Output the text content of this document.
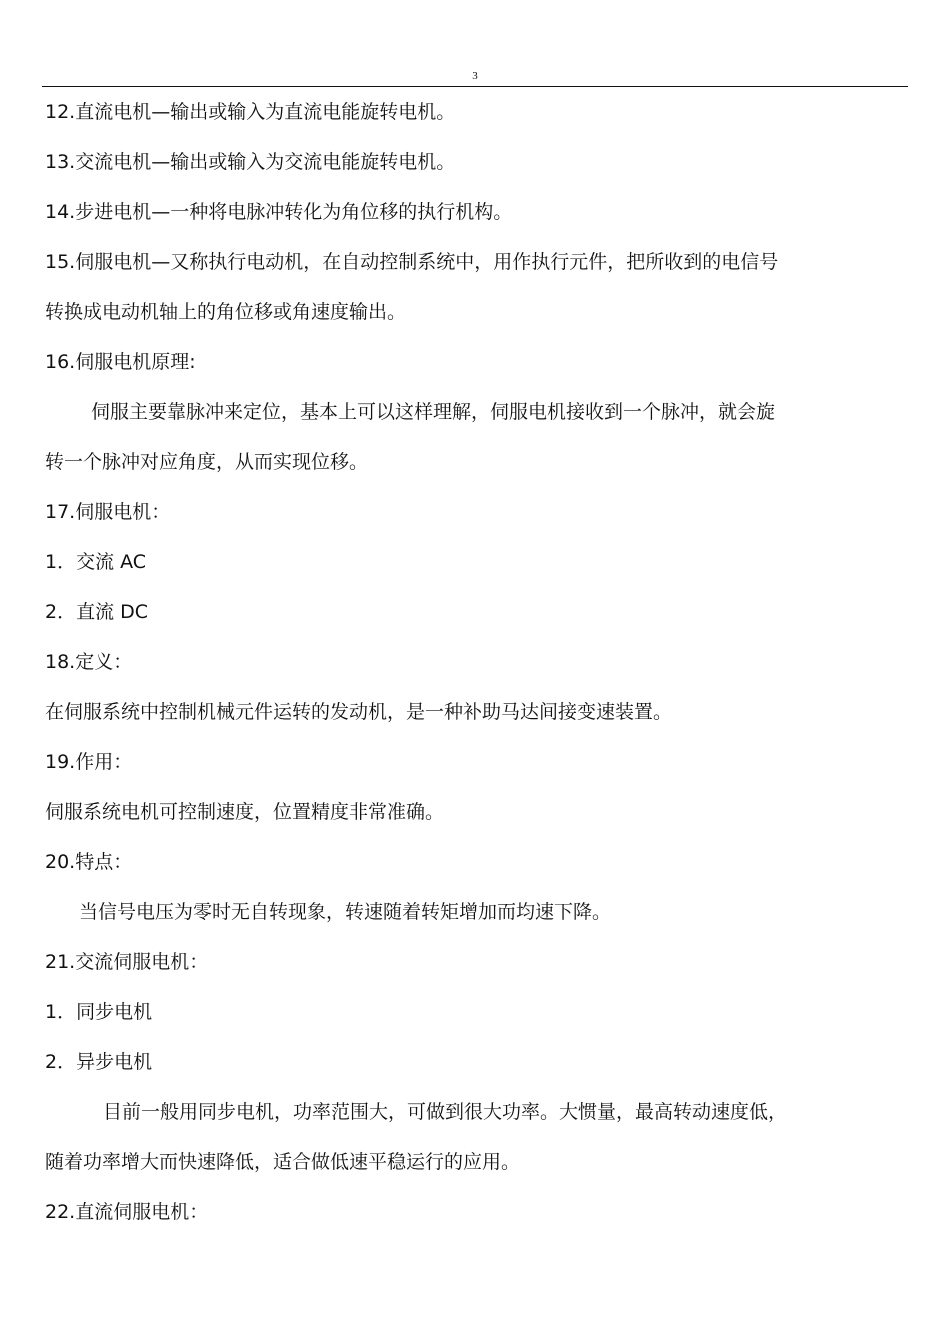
3
12.直流电机—输出或输入为直流电能旋转电机。
13.交流电机—输出或输入为交流电能旋转电机。
14.步进电机—一种将电脉冲转化为角位移的执行机构。
15.伺服电机—又称执行电动机，在自动控制系统中，用作执行元件，把所收到的电信号
转换成电动机轴上的角位移或角速度输出。
16.伺服电机原理:
伺服主要靠脉冲来定位，基本上可以这样理解，伺服电机接收到一个脉冲，就会旋
转一个脉冲对应角度，从而实现位移。
17.伺服电机：
1．交流 AC
2．直流 DC
18.定义：
在伺服系统中控制机械元件运转的发动机，是一种补助马达间接变速装置。
19.作用：
伺服系统电机可控制速度，位置精度非常准确。
20.特点：
当信号电压为零时无自转现象，转速随着转矩增加而均速下降。
21.交流伺服电机：
1．同步电机
2．异步电机
目前一般用同步电机，功率范围大，可做到很大功率。大惯量，最高转动速度低，
随着功率增大而快速降低，适合做低速平稳运行的应用。
22.直流伺服电机：
